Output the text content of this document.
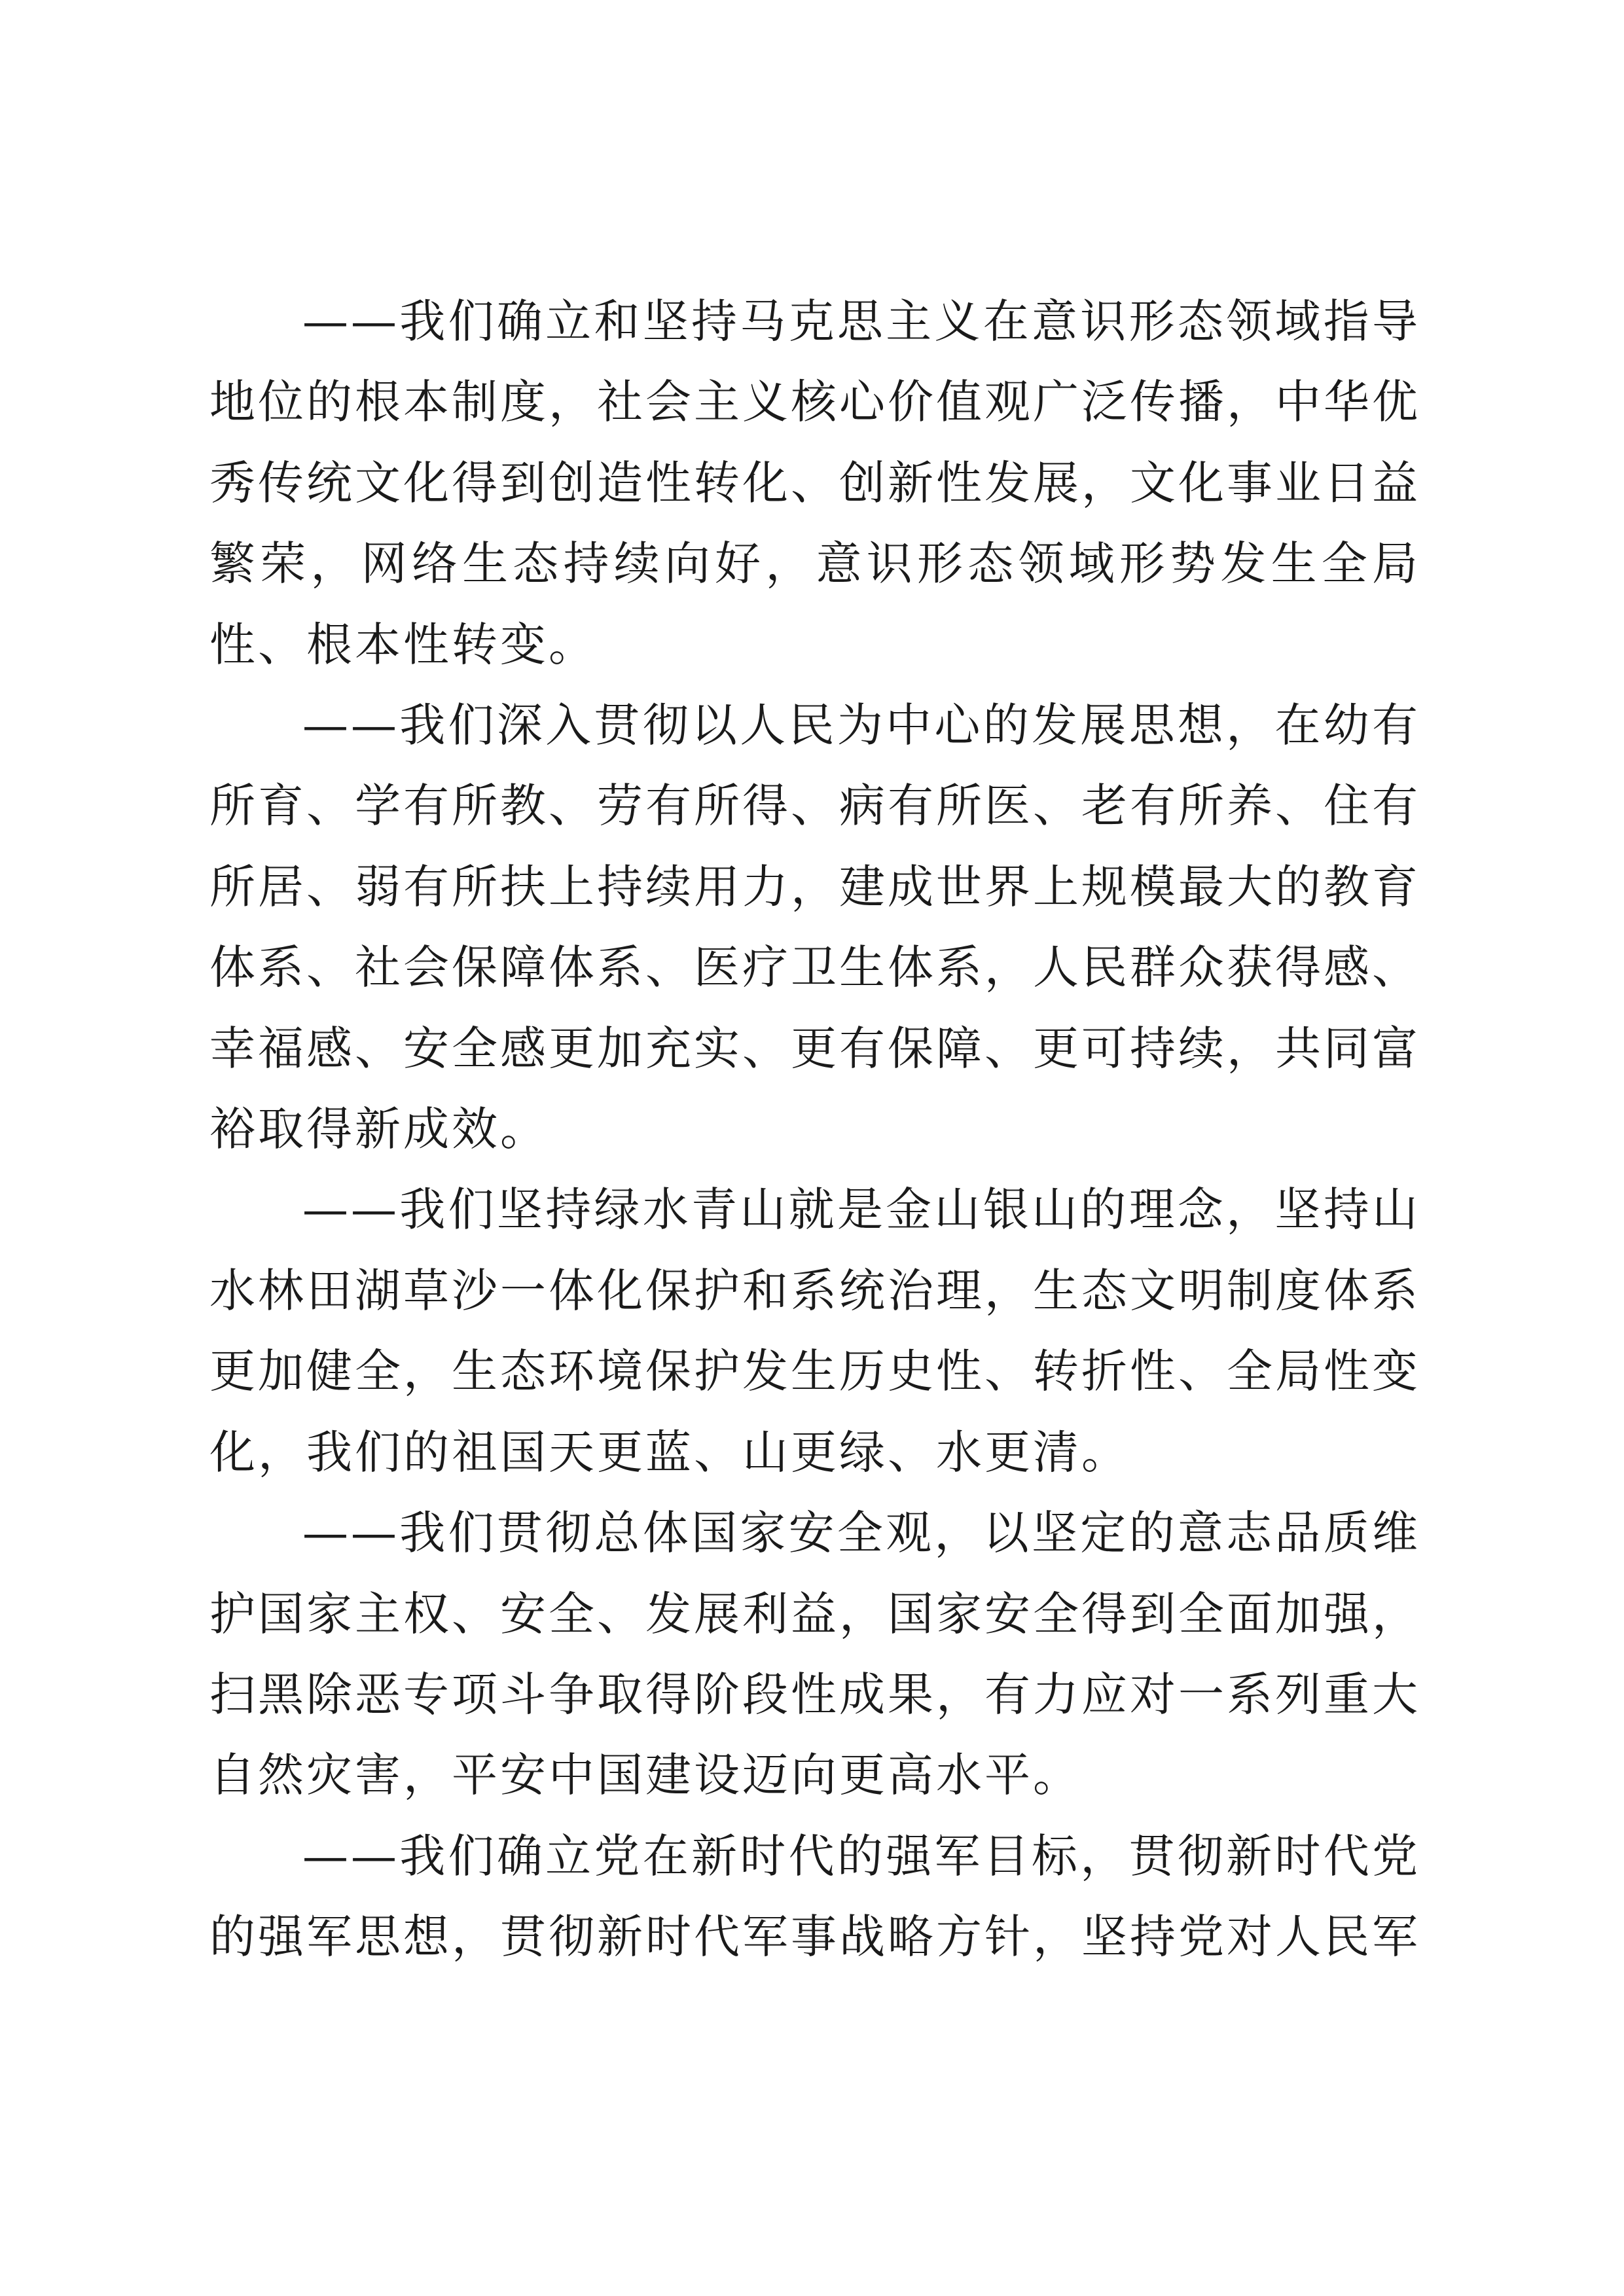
——我们确立和坚持马克思主义在意识形态领域指导地位的根本制度，社会主义核心价值观广泛传播，中华优秀传统文化得到创造性转化、创新性发展，文化事业日益繁荣，网络生态持续向好，意识形态领域形势发生全局性、根本性转变。

——我们深入贯彻以人民为中心的发展思想，在幼有所育、学有所教、劳有所得、病有所医、老有所养、住有所居、弱有所扶上持续用力，建成世界上规模最大的教育体系、社会保障体系、医疗卫生体系，人民群众获得感、幸福感、安全感更加充实、更有保障、更可持续，共同富裕取得新成效。

——我们坚持绿水青山就是金山银山的理念，坚持山水林田湖草沙一体化保护和系统治理，生态文明制度体系更加健全，生态环境保护发生历史性、转折性、全局性变化，我们的祖国天更蓝、山更绿、水更清。

——我们贯彻总体国家安全观，以坚定的意志品质维护国家主权、安全、发展利益，国家安全得到全面加强，扫黑除恶专项斗争取得阶段性成果，有力应对一系列重大自然灾害，平安中国建设迈向更高水平。

——我们确立党在新时代的强军目标，贯彻新时代党的强军思想，贯彻新时代军事战略方针，坚持党对人民军
